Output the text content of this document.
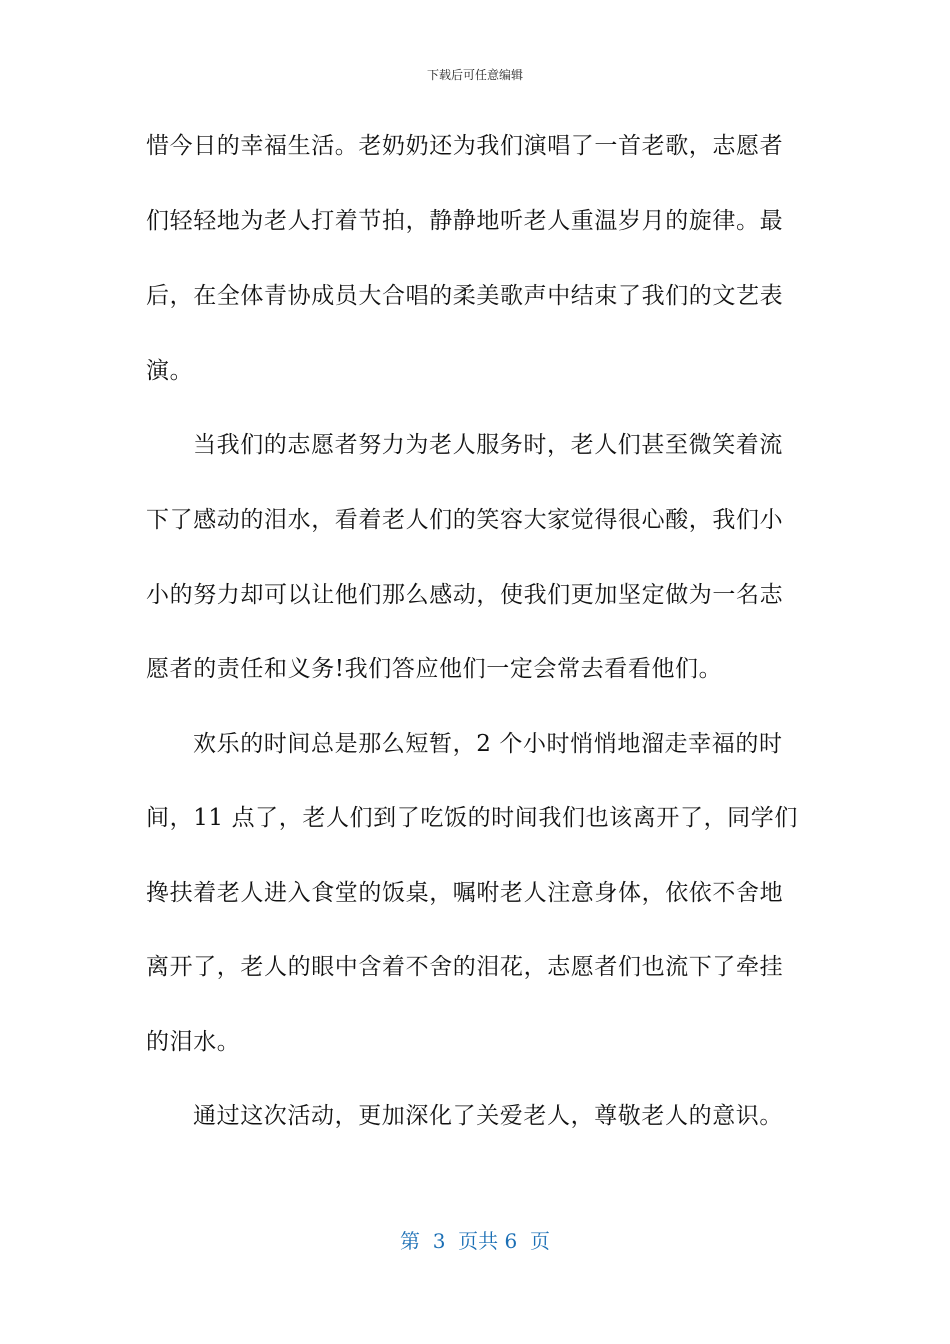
下载后可任意编辑
惜今日的幸福生活。老奶奶还为我们演唱了一首老歌，志愿者
们轻轻地为老人打着节拍，静静地听老人重温岁月的旋律。最
后，在全体青协成员大合唱的柔美歌声中结束了我们的文艺表
演。
当我们的志愿者努力为老人服务时，老人们甚至微笑着流
下了感动的泪水，看着老人们的笑容大家觉得很心酸，我们小
小的努力却可以让他们那么感动，使我们更加坚定做为一名志
愿者的责任和义务!我们答应他们一定会常去看看他们。
欢乐的时间总是那么短暂，2 个小时悄悄地溜走幸福的时
间，11 点了，老人们到了吃饭的时间我们也该离开了，同学们
搀扶着老人进入食堂的饭桌，嘱咐老人注意身体，依依不舍地
离开了，老人的眼中含着不舍的泪花，志愿者们也流下了牵挂
的泪水。
通过这次活动，更加深化了关爱老人，尊敬老人的意识。
第  3  页共 6  页
